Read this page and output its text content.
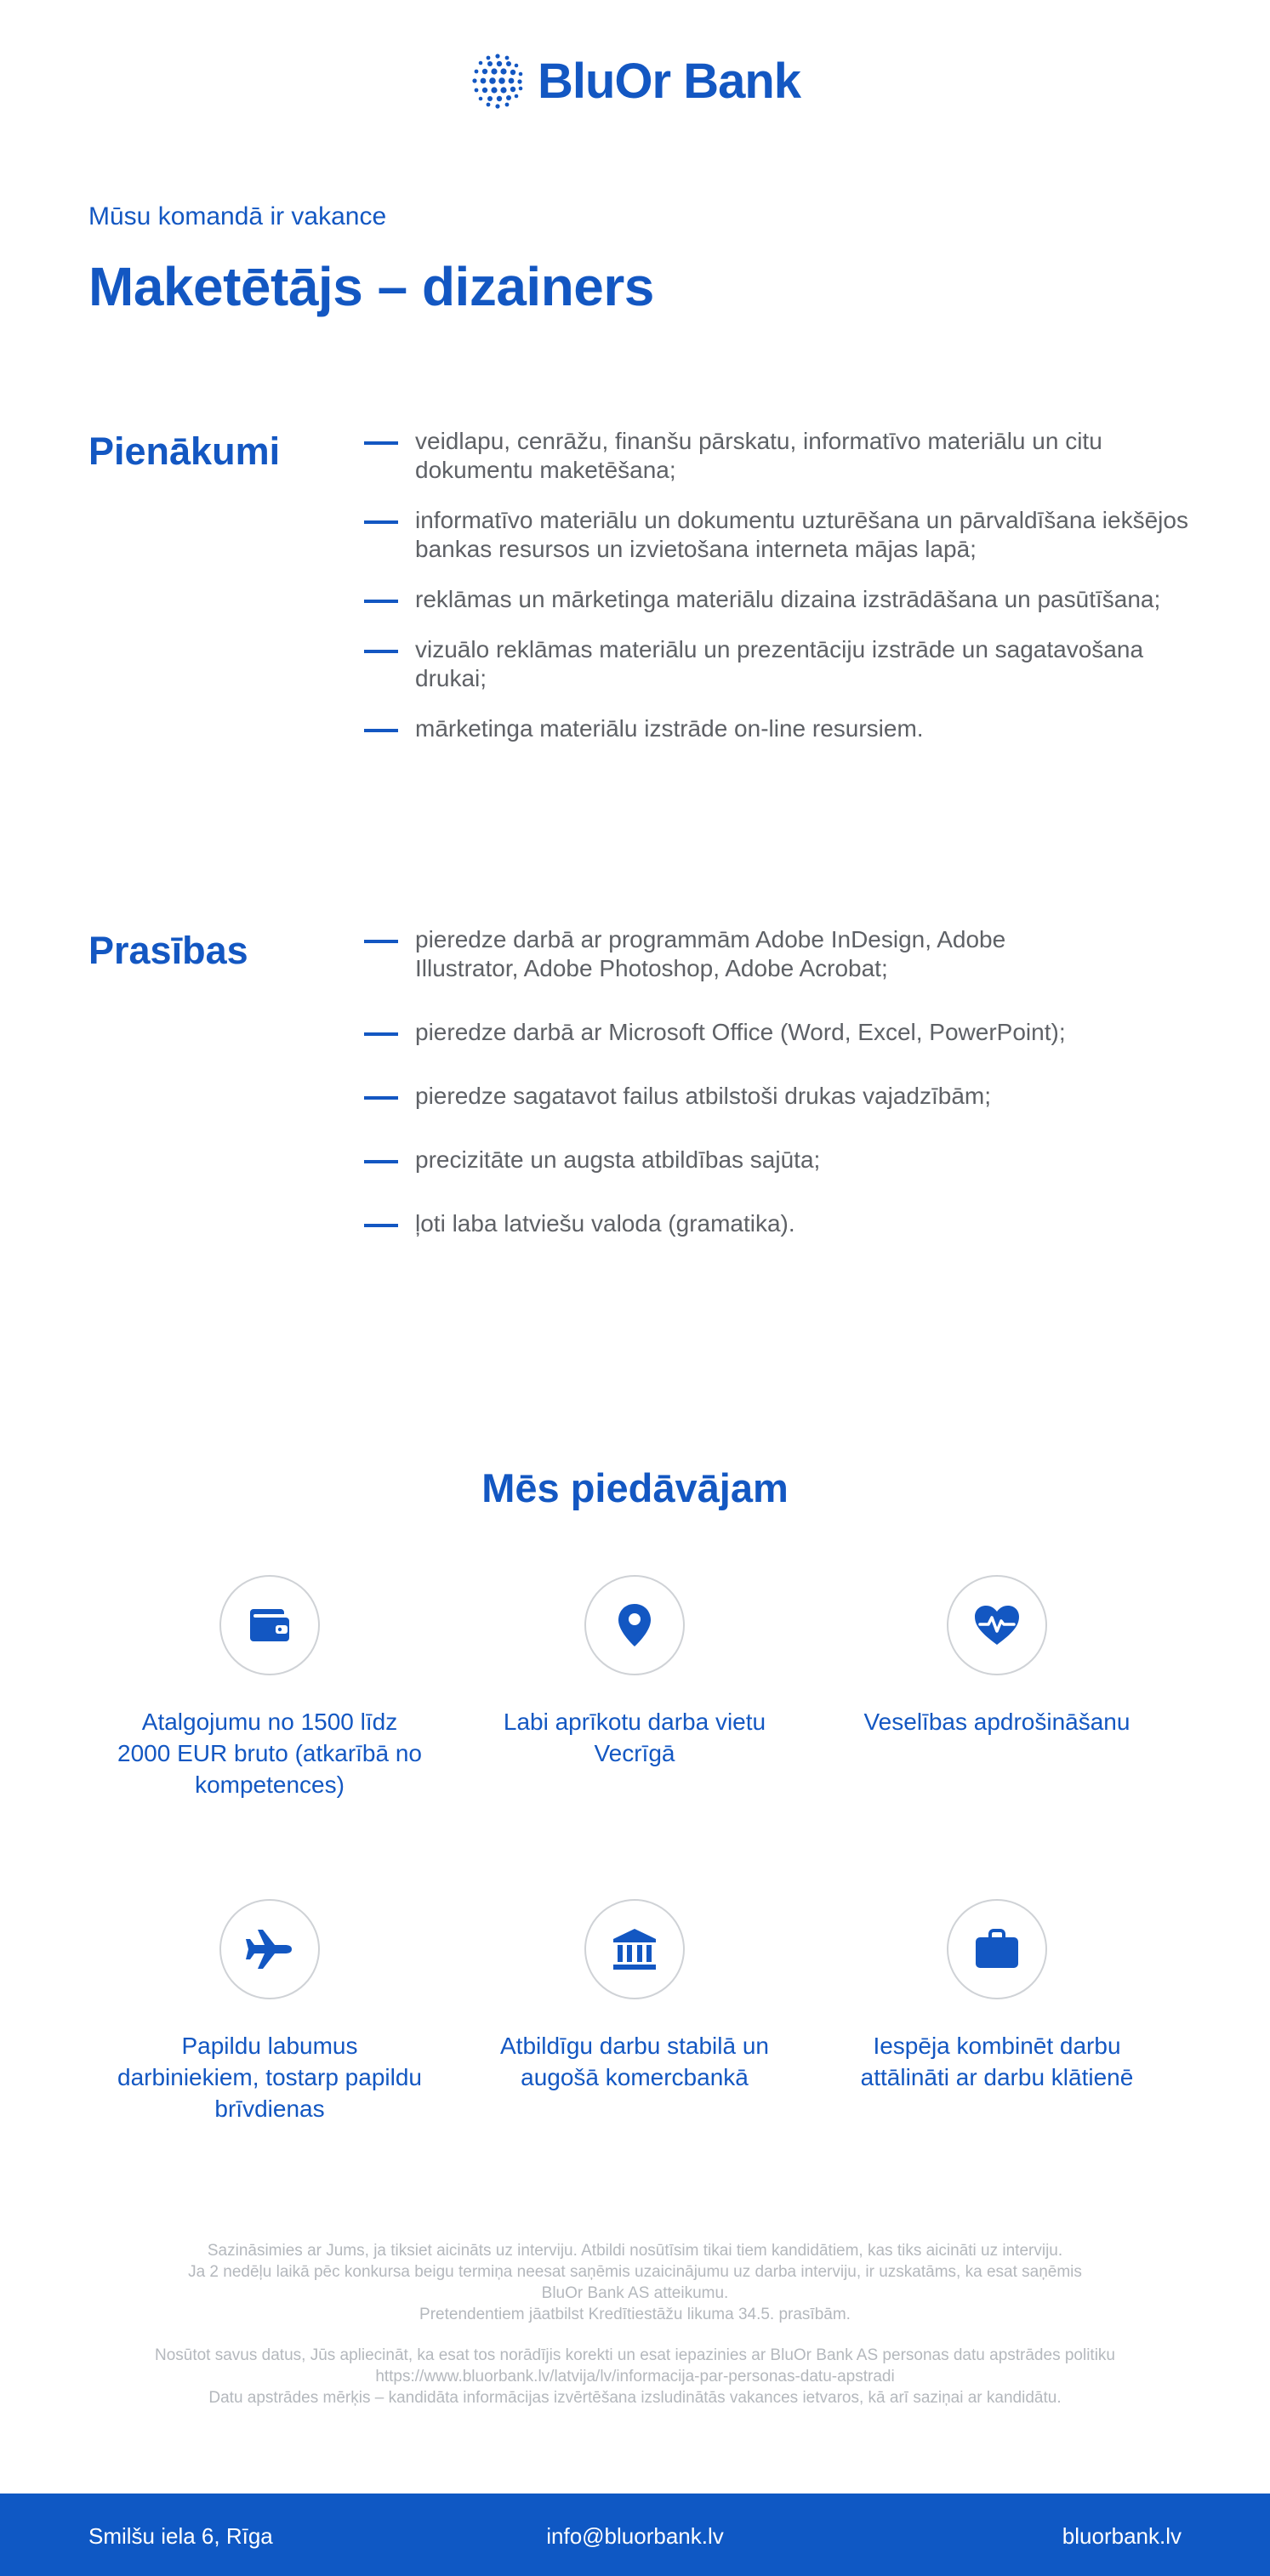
BluOr Bank
Mūsu komandā ir vakance
Maketētājs – dizainers
Pienākumi	veidlapu, cenrāžu, finanšu pārskatu, informatīvo materiālu un citu dokumentu maketēšana;
informatīvo materiālu un dokumentu uzturēšana un pārvaldīšana iekšējos bankas resursos un izvietošana interneta mājas lapā;
reklāmas un mārketinga materiālu dizaina izstrādāšana un pasūtīšana;
vizuālo reklāmas materiālu un prezentāciju izstrāde un sagatavošana drukai;
mārketinga materiālu izstrāde on-line resursiem.
Prasības	pieredze darbā ar programmām Adobe InDesign, Adobe Illustrator, Adobe Photoshop, Adobe Acrobat;
pieredze darbā ar Microsoft Office (Word, Excel, PowerPoint);
pieredze sagatavot failus atbilstoši drukas vajadzībām;
precizitāte un augsta atbildības sajūta;
ļoti laba latviešu valoda (gramatika).
Mēs piedāvājam
Atalgojumu no 1500 līdz 2000 EUR bruto (atkarībā no kompetences)
Labi aprīkotu darba vietu Vecrīgā
Veselības apdrošināšanu
Papildu labumus darbiniekiem, tostarp papildu brīvdienas
Atbildīgu darbu stabilā un augošā komercbankā
Iespēja kombinēt darbu attālināti ar darbu klātienē
Sazināsimies ar Jums, ja tiksiet aicināts uz interviju. Atbildi nosūtīsim tikai tiem kandidātiem, kas tiks aicināti uz interviju.
Ja 2 nedēļu laikā pēc konkursa beigu termiņa neesat saņēmis uzaicinājumu uz darba interviju, ir uzskatāms, ka esat saņēmis
BluOr Bank AS atteikumu.
Pretendentiem jāatbilst Kredītiestāžu likuma 34.5. prasībām.
Nosūtot savus datus, Jūs apliecināt, ka esat tos norādījis korekti un esat iepazinies ar BluOr Bank AS personas datu apstrādes politiku
https://www.bluorbank.lv/latvija/lv/informacija-par-personas-datu-apstradi
Datu apstrādes mērķis – kandidāta informācijas izvērtēšana izsludinātās vakances ietvaros, kā arī saziņai ar kandidātu.
Smilšu iela 6, Rīga	info@bluorbank.lv	bluorbank.lv
